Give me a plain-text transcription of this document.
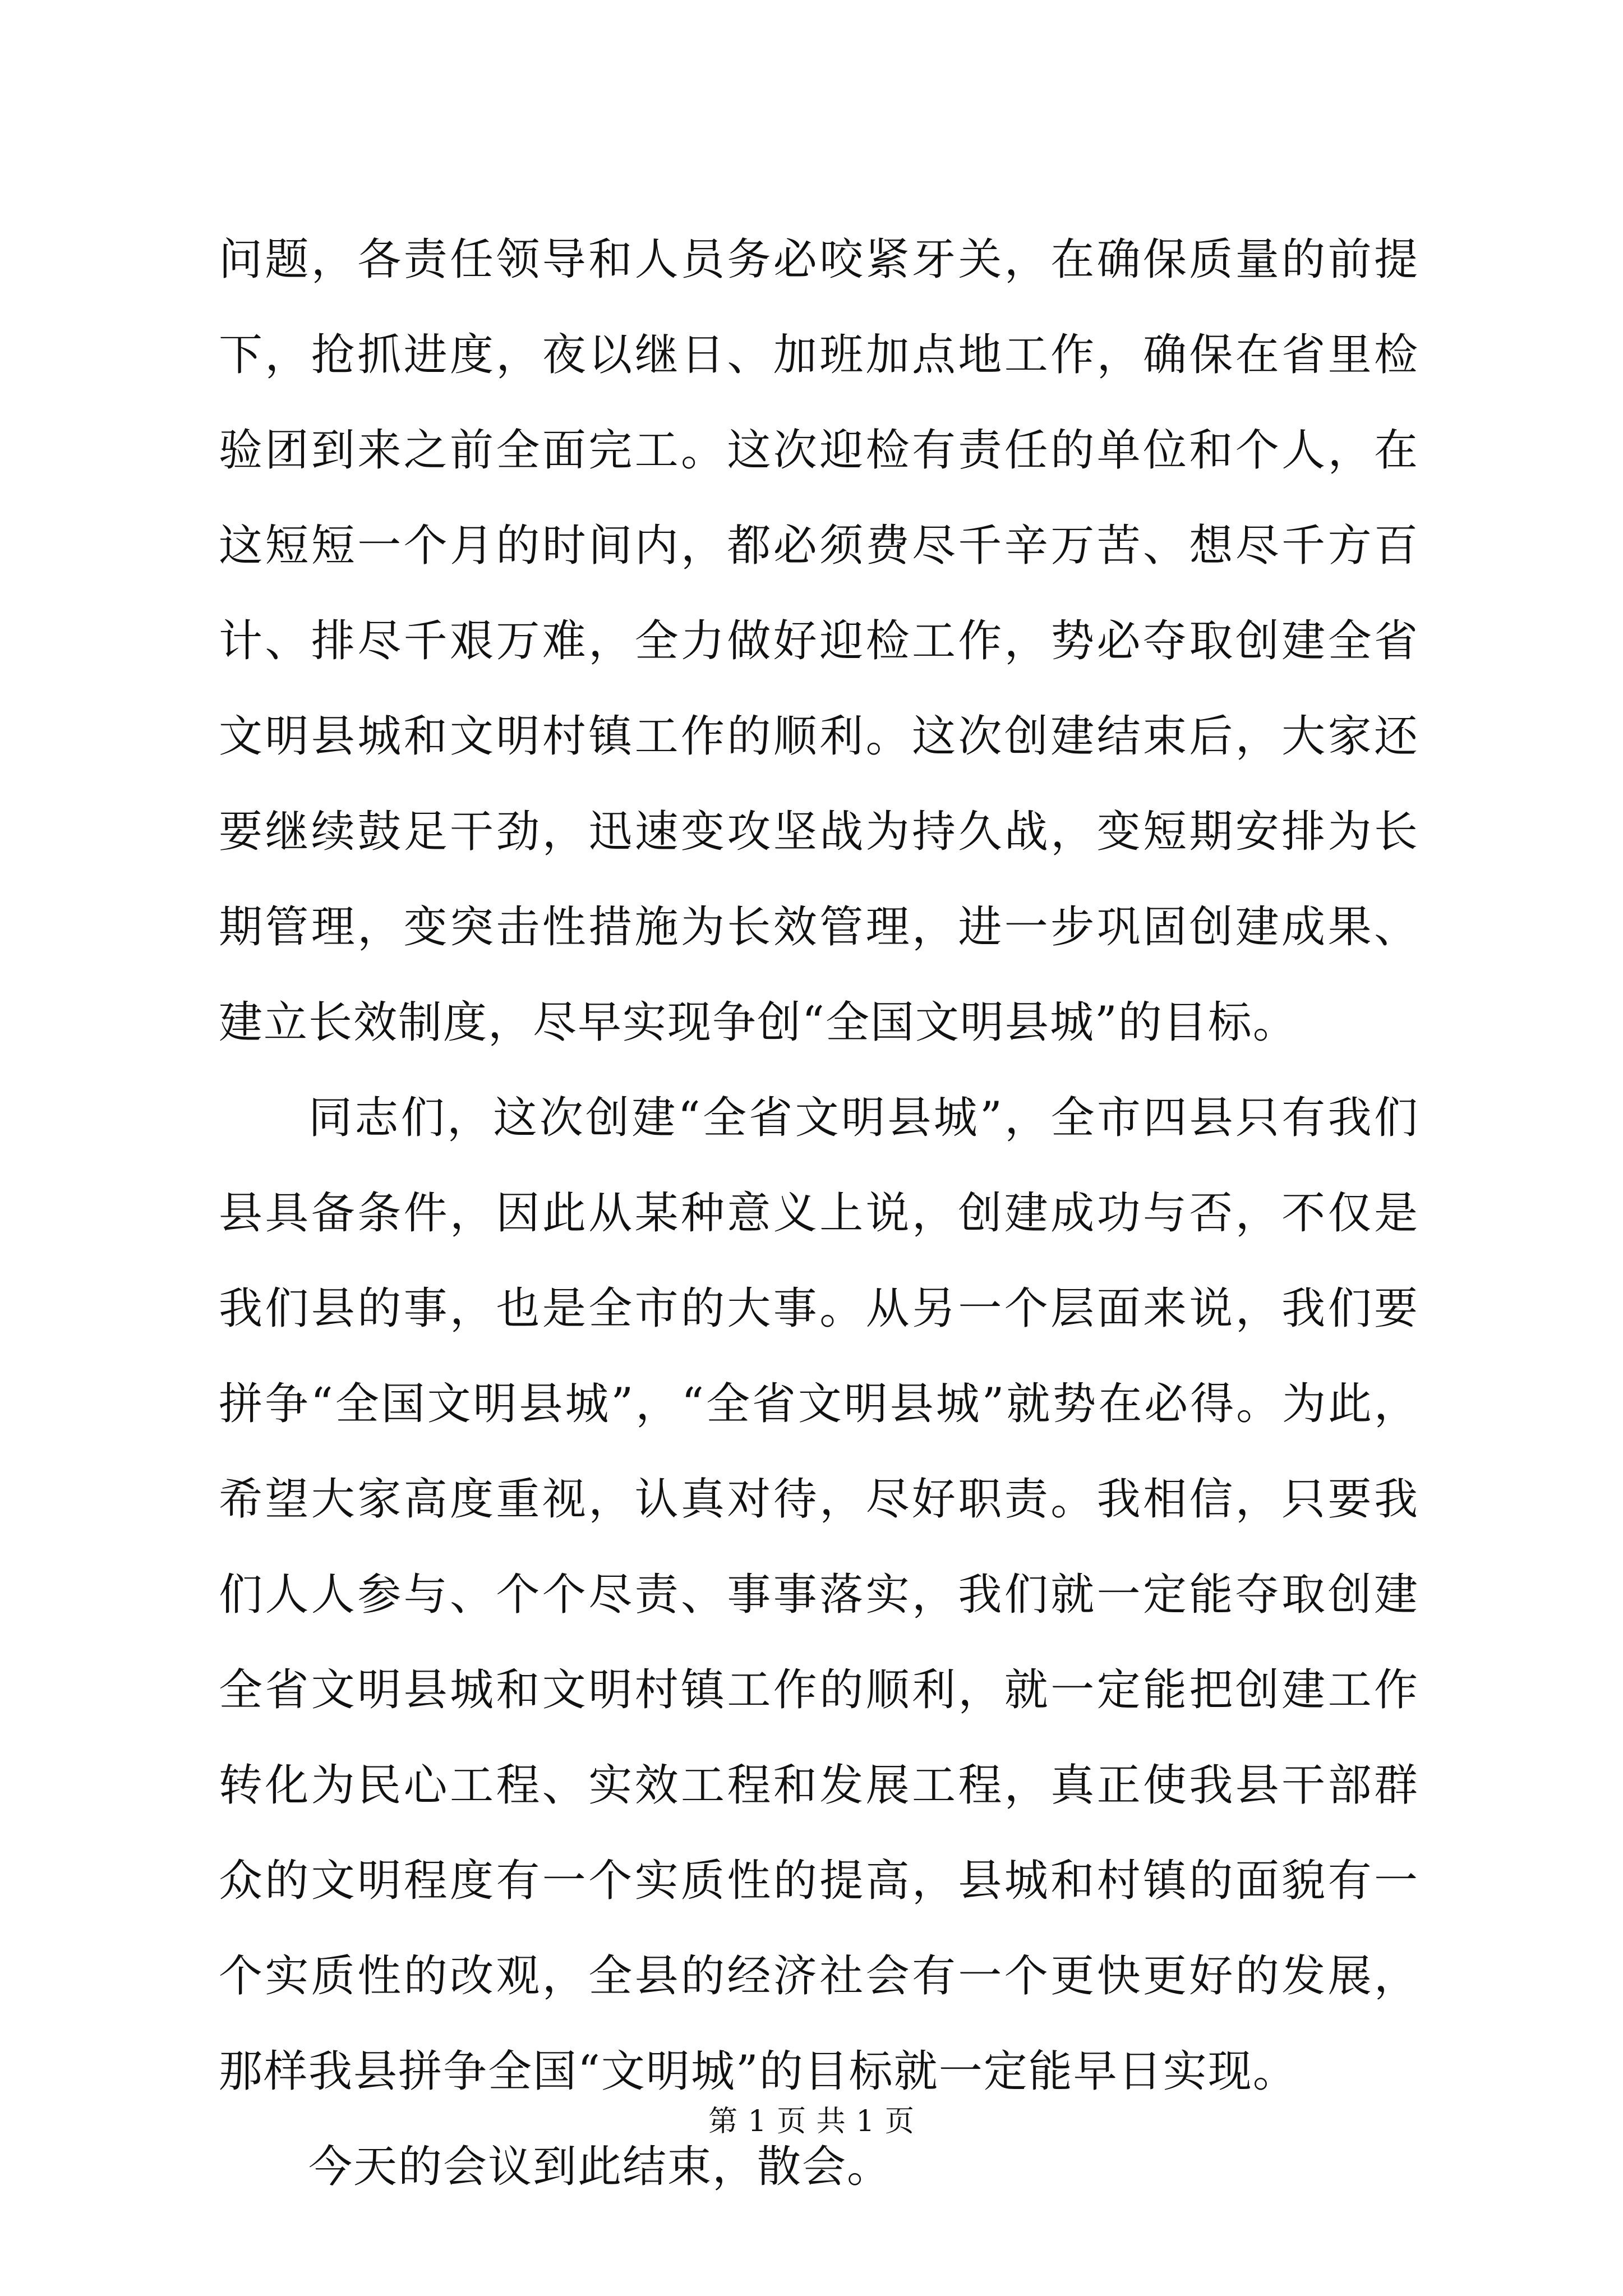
问题，各责任领导和人员务必咬紧牙关，在确保质量的前提下，抢抓进度，夜以继日、加班加点地工作，确保在省里检验团到来之前全面完工。这次迎检有责任的单位和个人，在这短短一个月的时间内，都必须费尽千辛万苦、想尽千方百计、排尽千艰万难，全力做好迎检工作，势必夺取创建全省文明县城和文明村镇工作的顺利。这次创建结束后，大家还要继续鼓足干劲，迅速变攻坚战为持久战，变短期安排为长期管理，变突击性措施为长效管理，进一步巩固创建成果、建立长效制度，尽早实现争创“全国文明县城”的目标。

同志们，这次创建“全省文明县城”，全市四县只有我们县具备条件，因此从某种意义上说，创建成功与否，不仅是我们县的事，也是全市的大事。从另一个层面来说，我们要拼争“全国文明县城”，“全省文明县城”就势在必得。为此，希望大家高度重视，认真对待，尽好职责。我相信，只要我们人人参与、个个尽责、事事落实，我们就一定能夺取创建全省文明县城和文明村镇工作的顺利，就一定能把创建工作转化为民心工程、实效工程和发展工程，真正使我县干部群众的文明程度有一个实质性的提高，县城和村镇的面貌有一个实质性的改观，全县的经济社会有一个更快更好的发展，那样我县拼争全国“文明城”的目标就一定能早日实现。

今天的会议到此结束，散会。

第 1 页 共 1 页
